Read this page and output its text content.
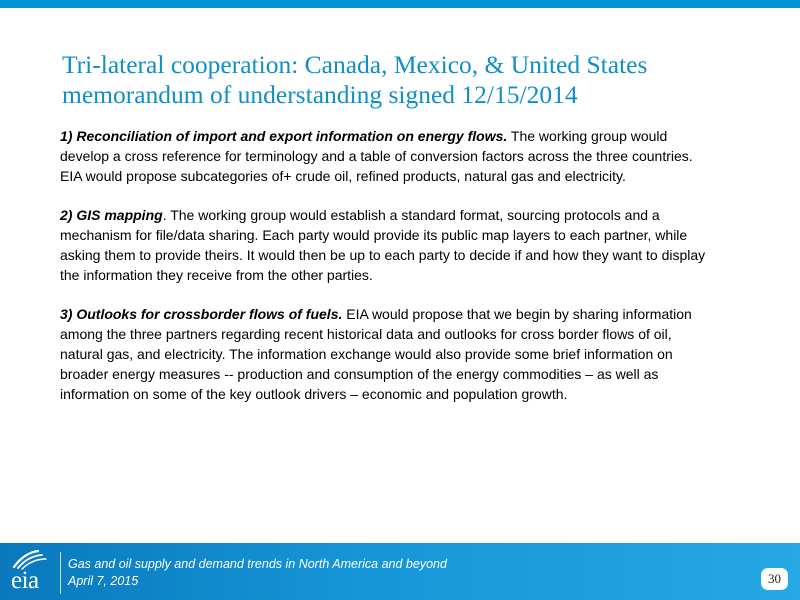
Tri-lateral cooperation: Canada, Mexico, & United States
memorandum of understanding signed 12/15/2014
1) Reconciliation of import and export information on energy flows. The working group would
develop a cross reference for terminology and a table of conversion factors across the three countries.
EIA would propose subcategories of+ crude oil, refined products, natural gas and electricity.
2) GIS mapping. The working group would establish a standard format, sourcing protocols and a
mechanism for file/data sharing. Each party would provide its public map layers to each partner, while
asking them to provide theirs. It would then be up to each party to decide if and how they want to display
the information they receive from the other parties.
3) Outlooks for crossborder flows of fuels. EIA would propose that we begin by sharing information
among the three partners regarding recent historical data and outlooks for cross border flows of oil,
natural gas, and electricity. The information exchange would also provide some brief information on
broader energy measures -- production and consumption of the energy commodities – as well as
information on some of the key outlook drivers – economic and population growth.
eia
Gas and oil supply and demand trends in North America and beyond
April 7, 2015	30
